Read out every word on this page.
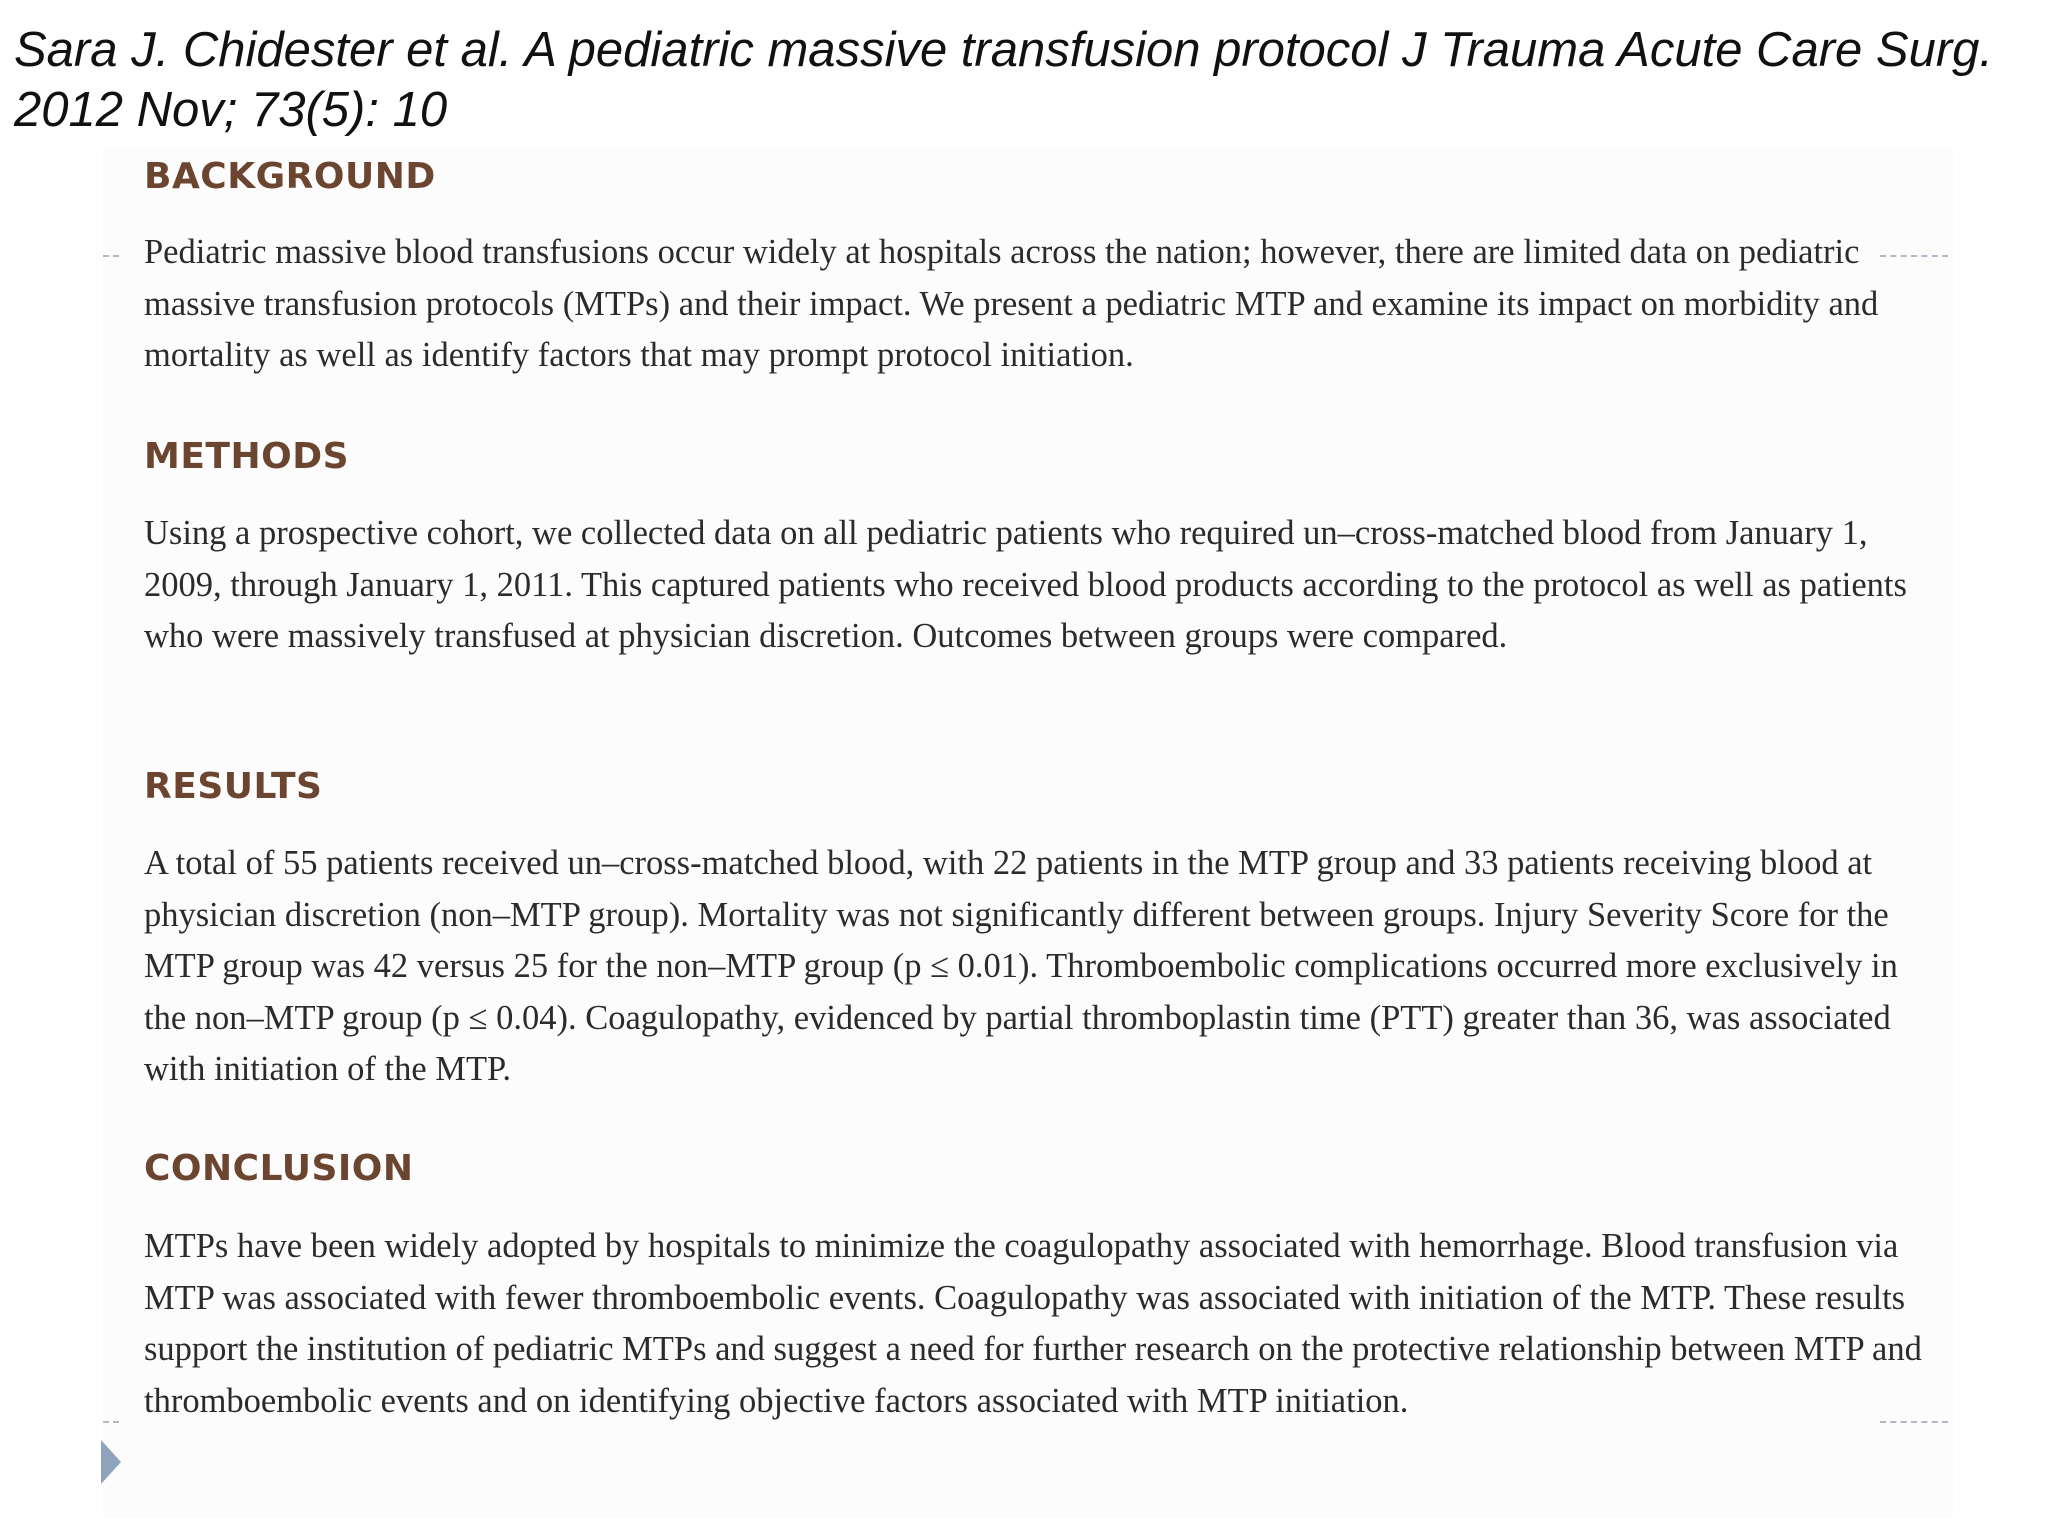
Sara J. Chidester et al. A pediatric massive transfusion protocol J Trauma Acute Care Surg. 2012 Nov; 73(5): 10

BACKGROUND

Pediatric massive blood transfusions occur widely at hospitals across the nation; however, there are limited data on pediatric massive transfusion protocols (MTPs) and their impact. We present a pediatric MTP and examine its impact on morbidity and mortality as well as identify factors that may prompt protocol initiation.

METHODS

Using a prospective cohort, we collected data on all pediatric patients who required un–cross-matched blood from January 1, 2009, through January 1, 2011. This captured patients who received blood products according to the protocol as well as patients who were massively transfused at physician discretion. Outcomes between groups were compared.

RESULTS

A total of 55 patients received un–cross-matched blood, with 22 patients in the MTP group and 33 patients receiving blood at physician discretion (non–MTP group). Mortality was not significantly different between groups. Injury Severity Score for the MTP group was 42 versus 25 for the non–MTP group (p ≤ 0.01). Thromboembolic complications occurred more exclusively in the non–MTP group (p ≤ 0.04). Coagulopathy, evidenced by partial thromboplastin time (PTT) greater than 36, was associated with initiation of the MTP.

CONCLUSION

MTPs have been widely adopted by hospitals to minimize the coagulopathy associated with hemorrhage. Blood transfusion via MTP was associated with fewer thromboembolic events. Coagulopathy was associated with initiation of the MTP. These results support the institution of pediatric MTPs and suggest a need for further research on the protective relationship between MTP and thromboembolic events and on identifying objective factors associated with MTP initiation.
